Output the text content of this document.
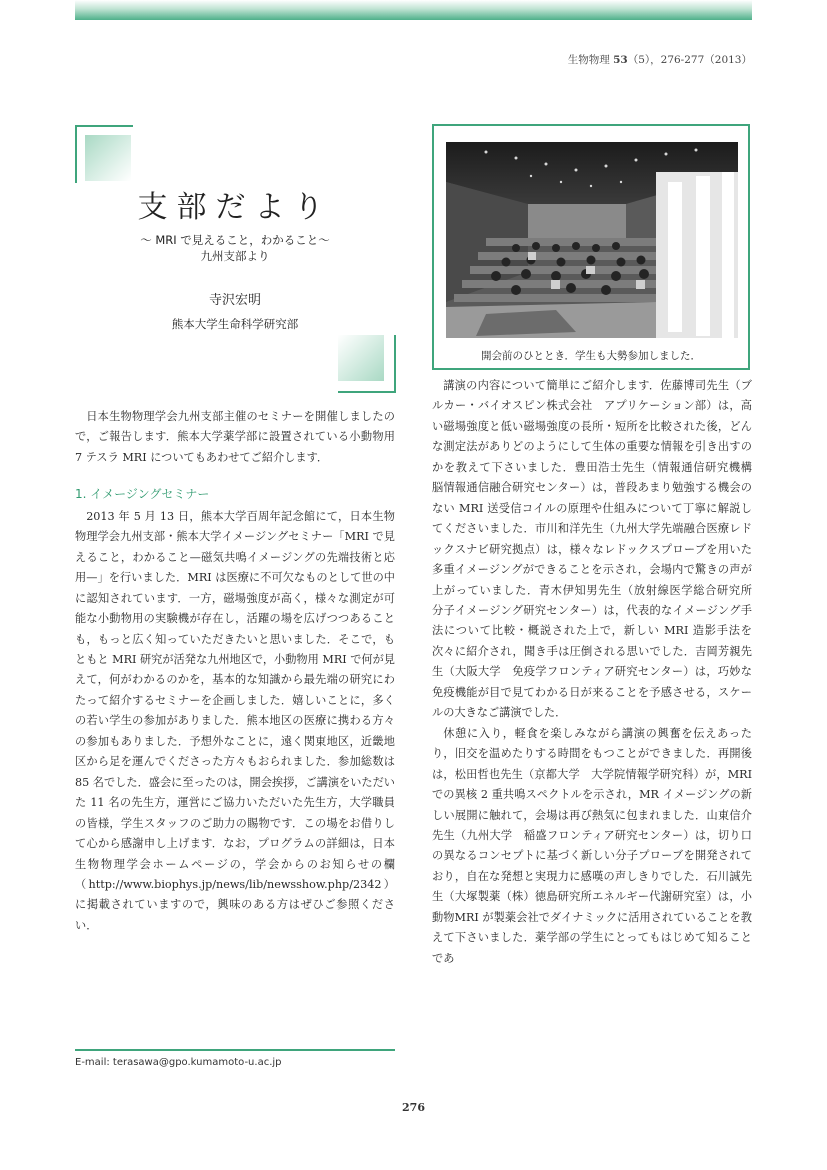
生物物理 53（5），276-277（2013）
支部だより
～ MRI で見えること，わかること～
九州支部より
寺沢宏明
熊本大学生命科学研究部

日本生物物理学会九州支部主催のセミナーを開催しましたので，ご報告します．熊本大学薬学部に設置されている小動物用 7 テスラ MRI についてもあわせてご紹介します．

1. イメージングセミナー

2013 年 5 月 13 日，熊本大学百周年記念館にて，日本生物物理学会九州支部・熊本大学イメージングセミナー「MRI で見えること，わかること—磁気共鳴イメージングの先端技術と応用—」を行いました．MRI は医療に不可欠なものとして世の中に認知されています．一方，磁場強度が高く，様々な測定が可能な小動物用の実験機が存在し，活躍の場を広げつつあることも，もっと広く知っていただきたいと思いました．そこで，もともと MRI 研究が活発な九州地区で，小動物用 MRI で何が見えて，何がわかるのかを，基本的な知識から最先端の研究にわたって紹介するセミナーを企画しました．嬉しいことに，多くの若い学生の参加がありました．熊本地区の医療に携わる方々の参加もありました．予想外なことに，遠く関東地区，近畿地区から足を運んでくださった方々もおられました．参加総数は 85 名でした．盛会に至ったのは，開会挨拶，ご講演をいただいた 11 名の先生方，運営にご協力いただいた先生方，大学職員の皆様，学生スタッフのご助力の賜物です．この場をお借りして心から感謝申し上げます．なお，プログラムの詳細は，日本生物物理学会ホームページの，学会からのお知らせの欄（http://www.biophys.jp/news/lib/newsshow.php/2342）に掲載されていますので，興味のある方はぜひご参照ください．

開会前のひととき．学生も大勢参加しました．

講演の内容について簡単にご紹介します．佐藤博司先生（ブルカー・バイオスピン株式会社　アプリケーション部）は，高い磁場強度と低い磁場強度の長所・短所を比較された後，どんな測定法がありどのようにして生体の重要な情報を引き出すのかを教えて下さいました．豊田浩士先生（情報通信研究機構　脳情報通信融合研究センター）は，普段あまり勉強する機会のない MRI 送受信コイルの原理や仕組みについて丁寧に解説してくださいました．市川和洋先生（九州大学先端融合医療レドックスナビ研究拠点）は，様々なレドックスプローブを用いた多重イメージングができることを示され，会場内で驚きの声が上がっていました．青木伊知男先生（放射線医学総合研究所　分子イメージング研究センター）は，代表的なイメージング手法について比較・概説された上で，新しい MRI 造影手法を次々に紹介され，聞き手は圧倒される思いでした．吉岡芳親先生（大阪大学　免疫学フロンティア研究センター）は，巧妙な免疫機能が目で見てわかる日が来ることを予感させる，スケールの大きなご講演でした．

休憩に入り，軽食を楽しみながら講演の興奮を伝えあったり，旧交を温めたりする時間をもつことができました．再開後は，松田哲也先生（京都大学　大学院情報学研究科）が，MRI での異核 2 重共鳴スペクトルを示され，MR イメージングの新しい展開に触れて，会場は再び熱気に包まれました．山東信介先生（九州大学　稲盛フロンティア研究センター）は，切り口の異なるコンセプトに基づく新しい分子プローブを開発されており，自在な発想と実現力に感嘆の声しきりでした．石川誠先生（大塚製薬（株）徳島研究所エネルギー代謝研究室）は，小動物MRI が製薬会社でダイナミックに活用されていることを教えて下さいました．薬学部の学生にとってもはじめて知ることであ

E-mail: terasawa@gpo.kumamoto-u.ac.jp
276
